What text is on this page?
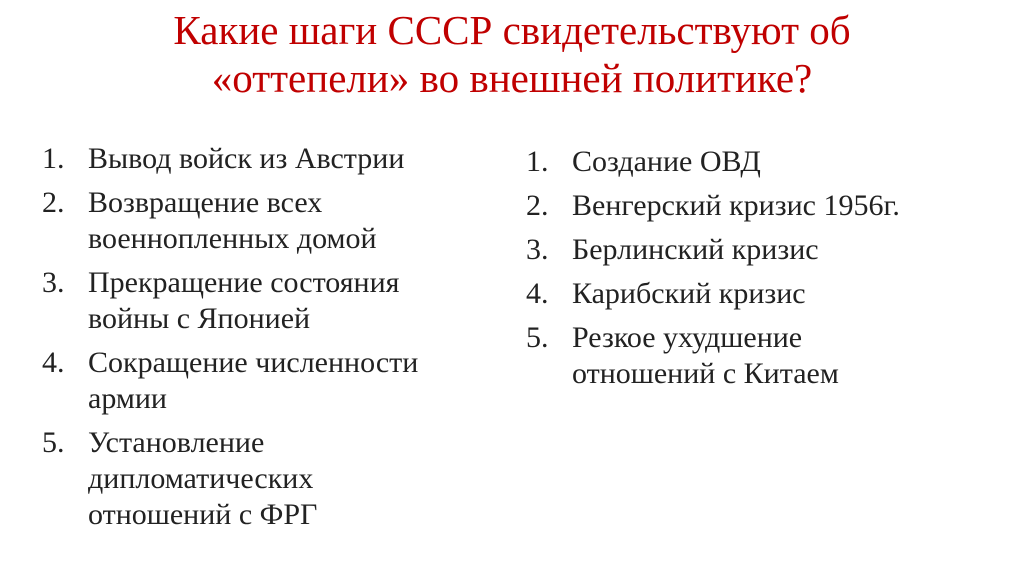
Какие шаги СССР свидетельствуют об
«оттепели» во внешней политике?
1. Вывод войск из Австрии
2. Возвращение всех военнопленных домой
3. Прекращение состояния войны с Японией
4. Сокращение численности армии
5. Установление дипломатических отношений с ФРГ
1. Создание ОВД
2. Венгерский кризис 1956г.
3. Берлинский кризис
4. Карибский кризис
5. Резкое ухудшение отношений с Китаем
